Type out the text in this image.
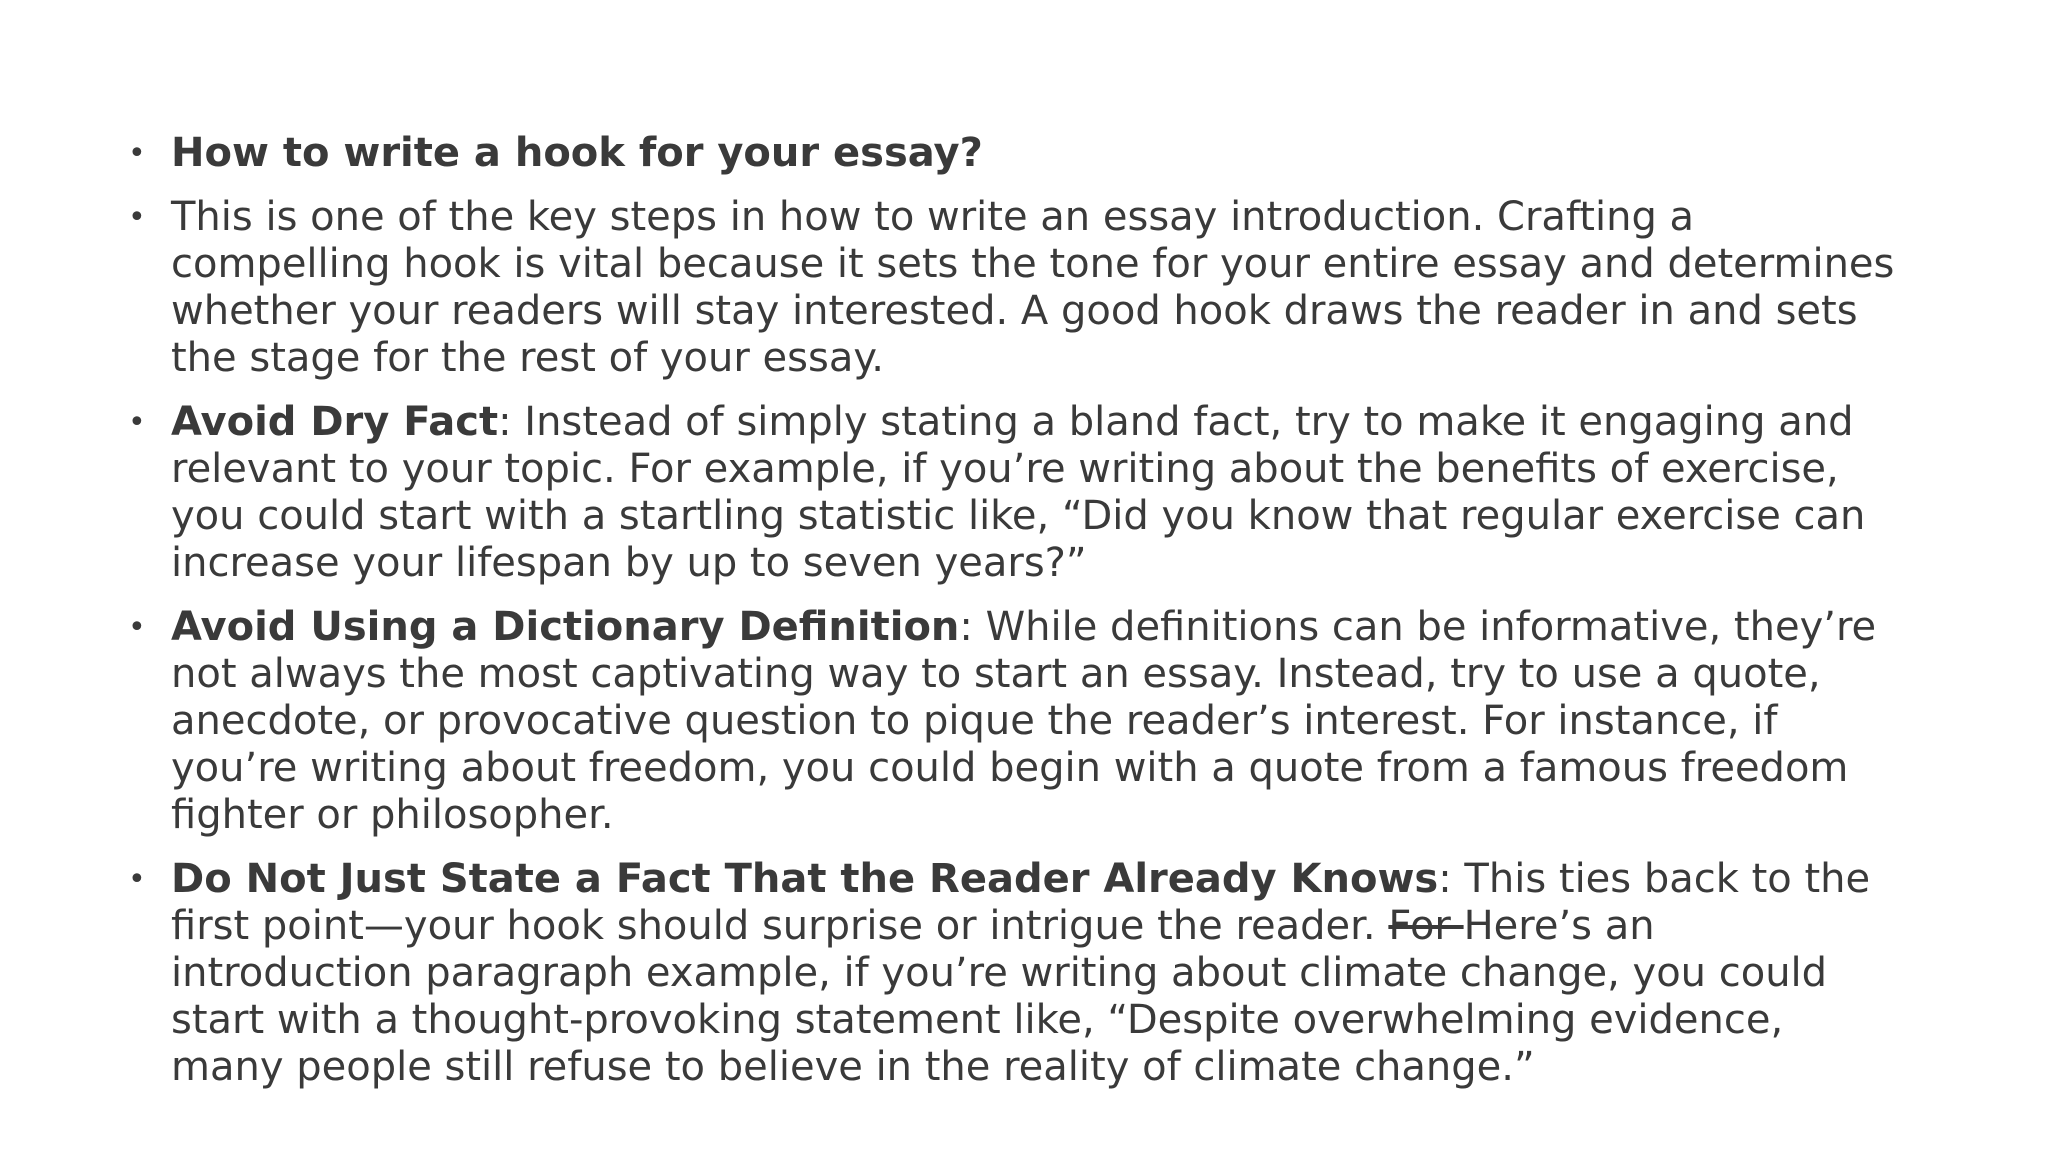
• How to write a hook for your essay?
• This is one of the key steps in how to write an essay introduction. Crafting a compelling hook is vital because it sets the tone for your entire essay and determines whether your readers will stay interested. A good hook draws the reader in and sets the stage for the rest of your essay.
• Avoid Dry Fact: Instead of simply stating a bland fact, try to make it engaging and relevant to your topic. For example, if you’re writing about the benefits of exercise, you could start with a startling statistic like, “Did you know that regular exercise can increase your lifespan by up to seven years?”
• Avoid Using a Dictionary Definition: While definitions can be informative, they’re not always the most captivating way to start an essay. Instead, try to use a quote, anecdote, or provocative question to pique the reader’s interest. For instance, if you’re writing about freedom, you could begin with a quote from a famous freedom fighter or philosopher.
• Do Not Just State a Fact That the Reader Already Knows: This ties back to the first point—your hook should surprise or intrigue the reader. For Here’s an introduction paragraph example, if you’re writing about climate change, you could start with a thought-provoking statement like, “Despite overwhelming evidence, many people still refuse to believe in the reality of climate change.”
